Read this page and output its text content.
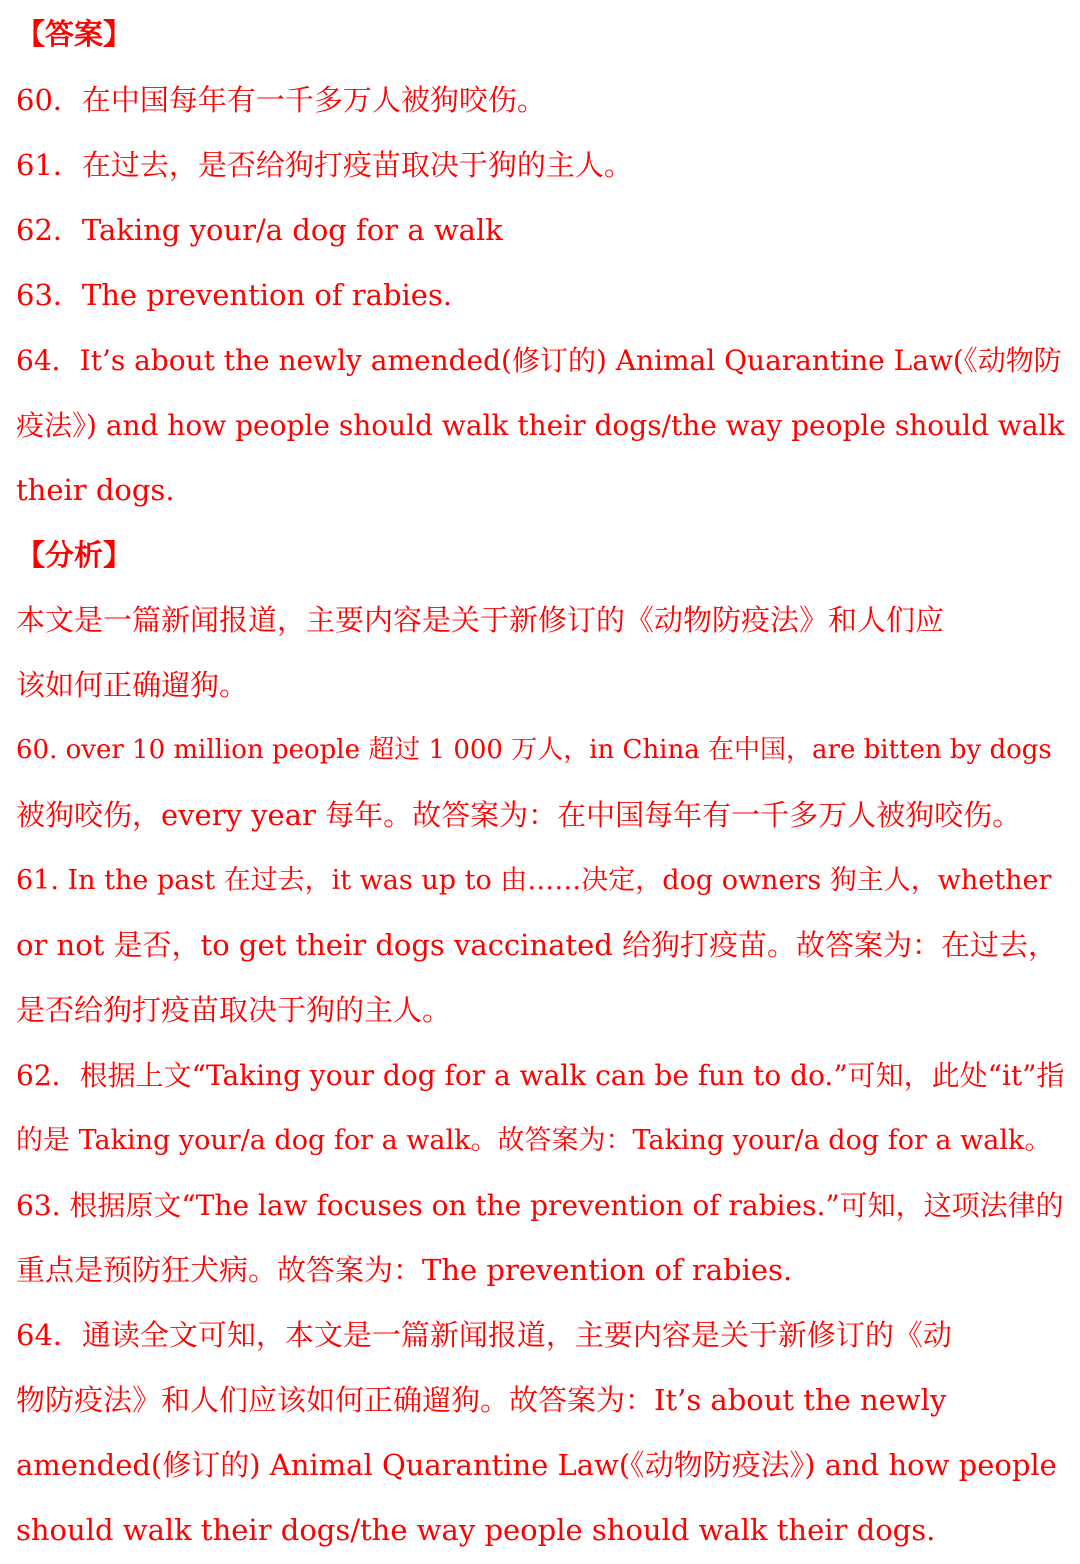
【答案】
60．在中国每年有一千多万人被狗咬伤。
61．在过去，是否给狗打疫苗取决于狗的主人。
62．Taking your/a dog for a walk
63．The prevention of rabies.
64．It’s about the newly amended(修订的) Animal Quarantine Law(《动物防
疫法》) and how people should walk their dogs/the way people should walk
their dogs.
【分析】
本文是一篇新闻报道，主要内容是关于新修订的《动物防疫法》和人们应
该如何正确遛狗。
60. over 10 million people 超过 1 000 万人，in China 在中国，are bitten by dogs
被狗咬伤，every year 每年。故答案为：在中国每年有一千多万人被狗咬伤。
61. In the past 在过去，it was up to 由……决定，dog owners 狗主人，whether
or not 是否，to get their dogs vaccinated 给狗打疫苗。故答案为：在过去，
是否给狗打疫苗取决于狗的主人。
62．根据上文“Taking your dog for a walk can be fun to do.”可知，此处“it”指
的是 Taking your/a dog for a walk。故答案为：Taking your/a dog for a walk。
63. 根据原文“The law focuses on the prevention of rabies.”可知，这项法律的
重点是预防狂犬病。故答案为：The prevention of rabies.
64．通读全文可知，本文是一篇新闻报道，主要内容是关于新修订的《动
物防疫法》和人们应该如何正确遛狗。故答案为：It’s about the newly
amended(修订的) Animal Quarantine Law(《动物防疫法》) and how people
should walk their dogs/the way people should walk their dogs.
